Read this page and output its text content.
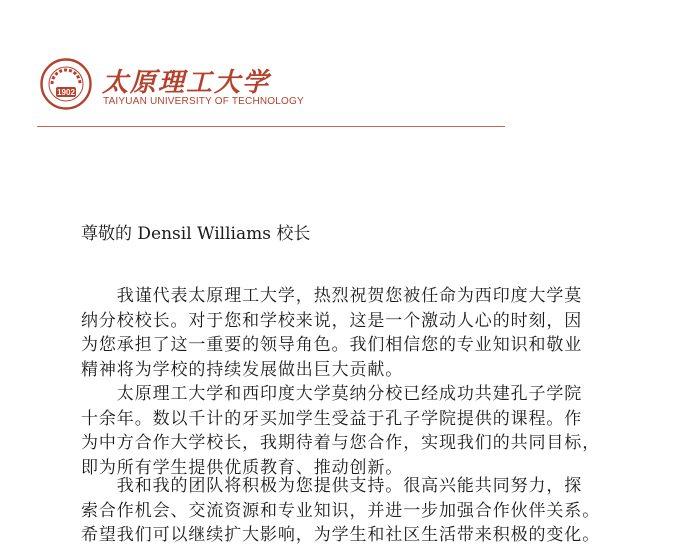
1902 太原理工大学
TAIYUAN UNIVERSITY OF TECHNOLOGY
尊敬的 Densil Williams 校长

　　我谨代表太原理工大学，热烈祝贺您被任命为西印度大学莫
纳分校校长。对于您和学校来说，这是一个激动人心的时刻，因
为您承担了这一重要的领导角色。我们相信您的专业知识和敬业
精神将为学校的持续发展做出巨大贡献。

　　太原理工大学和西印度大学莫纳分校已经成功共建孔子学院
十余年。数以千计的牙买加学生受益于孔子学院提供的课程。作
为中方合作大学校长，我期待着与您合作，实现我们的共同目标，
即为所有学生提供优质教育、推动创新。

　　我和我的团队将积极为您提供支持。很高兴能共同努力，探
索合作机会、交流资源和专业知识，并进一步加强合作伙伴关系。
希望我们可以继续扩大影响，为学生和社区生活带来积极的变化。
